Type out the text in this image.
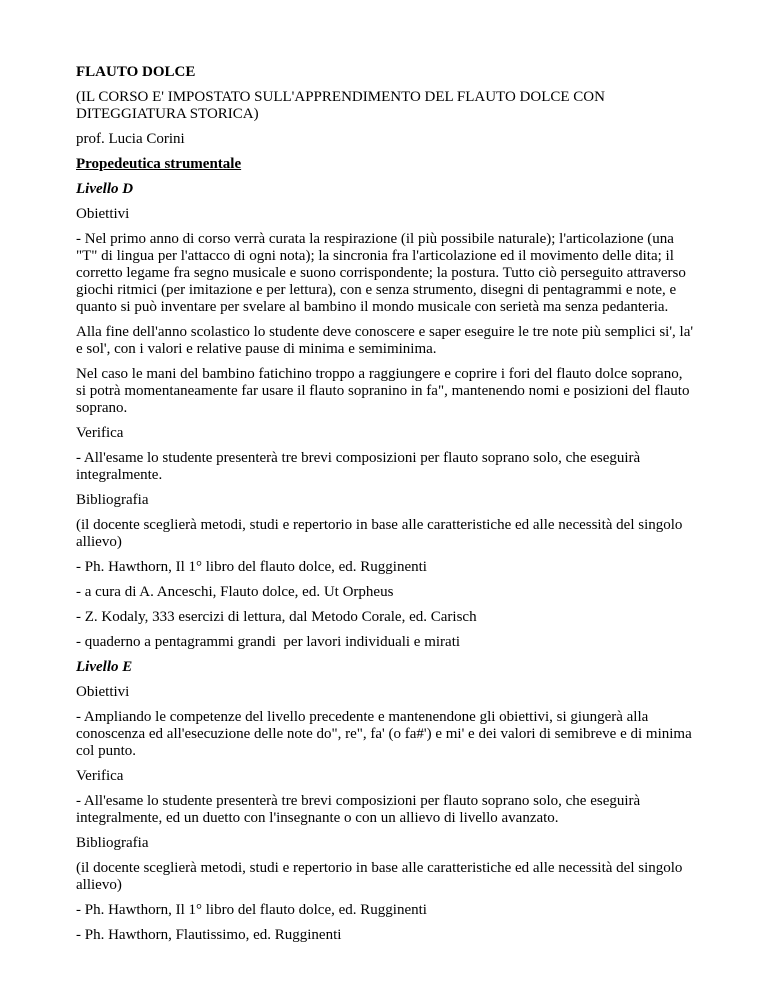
FLAUTO DOLCE
(IL CORSO E' IMPOSTATO SULL'APPRENDIMENTO DEL FLAUTO DOLCE CON DITEGGIATURA STORICA)
prof. Lucia Corini
Propedeutica strumentale
Livello D
Obiettivi
- Nel primo anno di corso verrà curata la respirazione (il più possibile naturale); l'articolazione (una "T" di lingua per l'attacco di ogni nota); la sincronia fra l'articolazione ed il movimento delle dita; il corretto legame fra segno musicale e suono corrispondente; la postura. Tutto ciò perseguito attraverso giochi ritmici (per imitazione e per lettura), con e senza strumento, disegni di pentagrammi e note, e quanto si può inventare per svelare al bambino il mondo musicale con serietà ma senza pedanteria.
Alla fine dell'anno scolastico lo studente deve conoscere e saper eseguire le tre note più semplici si', la' e sol', con i valori e relative pause di minima e semiminima.
Nel caso le mani del bambino fatichino troppo a raggiungere e coprire i fori del flauto dolce soprano, si potrà momentaneamente far usare il flauto sopranino in fa", mantenendo nomi e posizioni del flauto soprano.
Verifica
- All'esame lo studente presenterà tre brevi composizioni per flauto soprano solo, che eseguirà integralmente.
Bibliografia
(il docente sceglierà metodi, studi e repertorio in base alle caratteristiche ed alle necessità del singolo allievo)
- Ph. Hawthorn, Il 1° libro del flauto dolce, ed. Rugginenti
- a cura di A. Anceschi, Flauto dolce, ed. Ut Orpheus
- Z. Kodaly, 333 esercizi di lettura, dal Metodo Corale, ed. Carisch
- quaderno a pentagrammi grandi  per lavori individuali e mirati
Livello E
Obiettivi
- Ampliando le competenze del livello precedente e mantenendone gli obiettivi, si giungerà alla conoscenza ed all'esecuzione delle note do", re", fa' (o fa#') e mi' e dei valori di semibreve e di minima col punto.
Verifica
- All'esame lo studente presenterà tre brevi composizioni per flauto soprano solo, che eseguirà integralmente, ed un duetto con l'insegnante o con un allievo di livello avanzato.
Bibliografia
(il docente sceglierà metodi, studi e repertorio in base alle caratteristiche ed alle necessità del singolo allievo)
- Ph. Hawthorn, Il 1° libro del flauto dolce, ed. Rugginenti
- Ph. Hawthorn, Flautissimo, ed. Rugginenti
